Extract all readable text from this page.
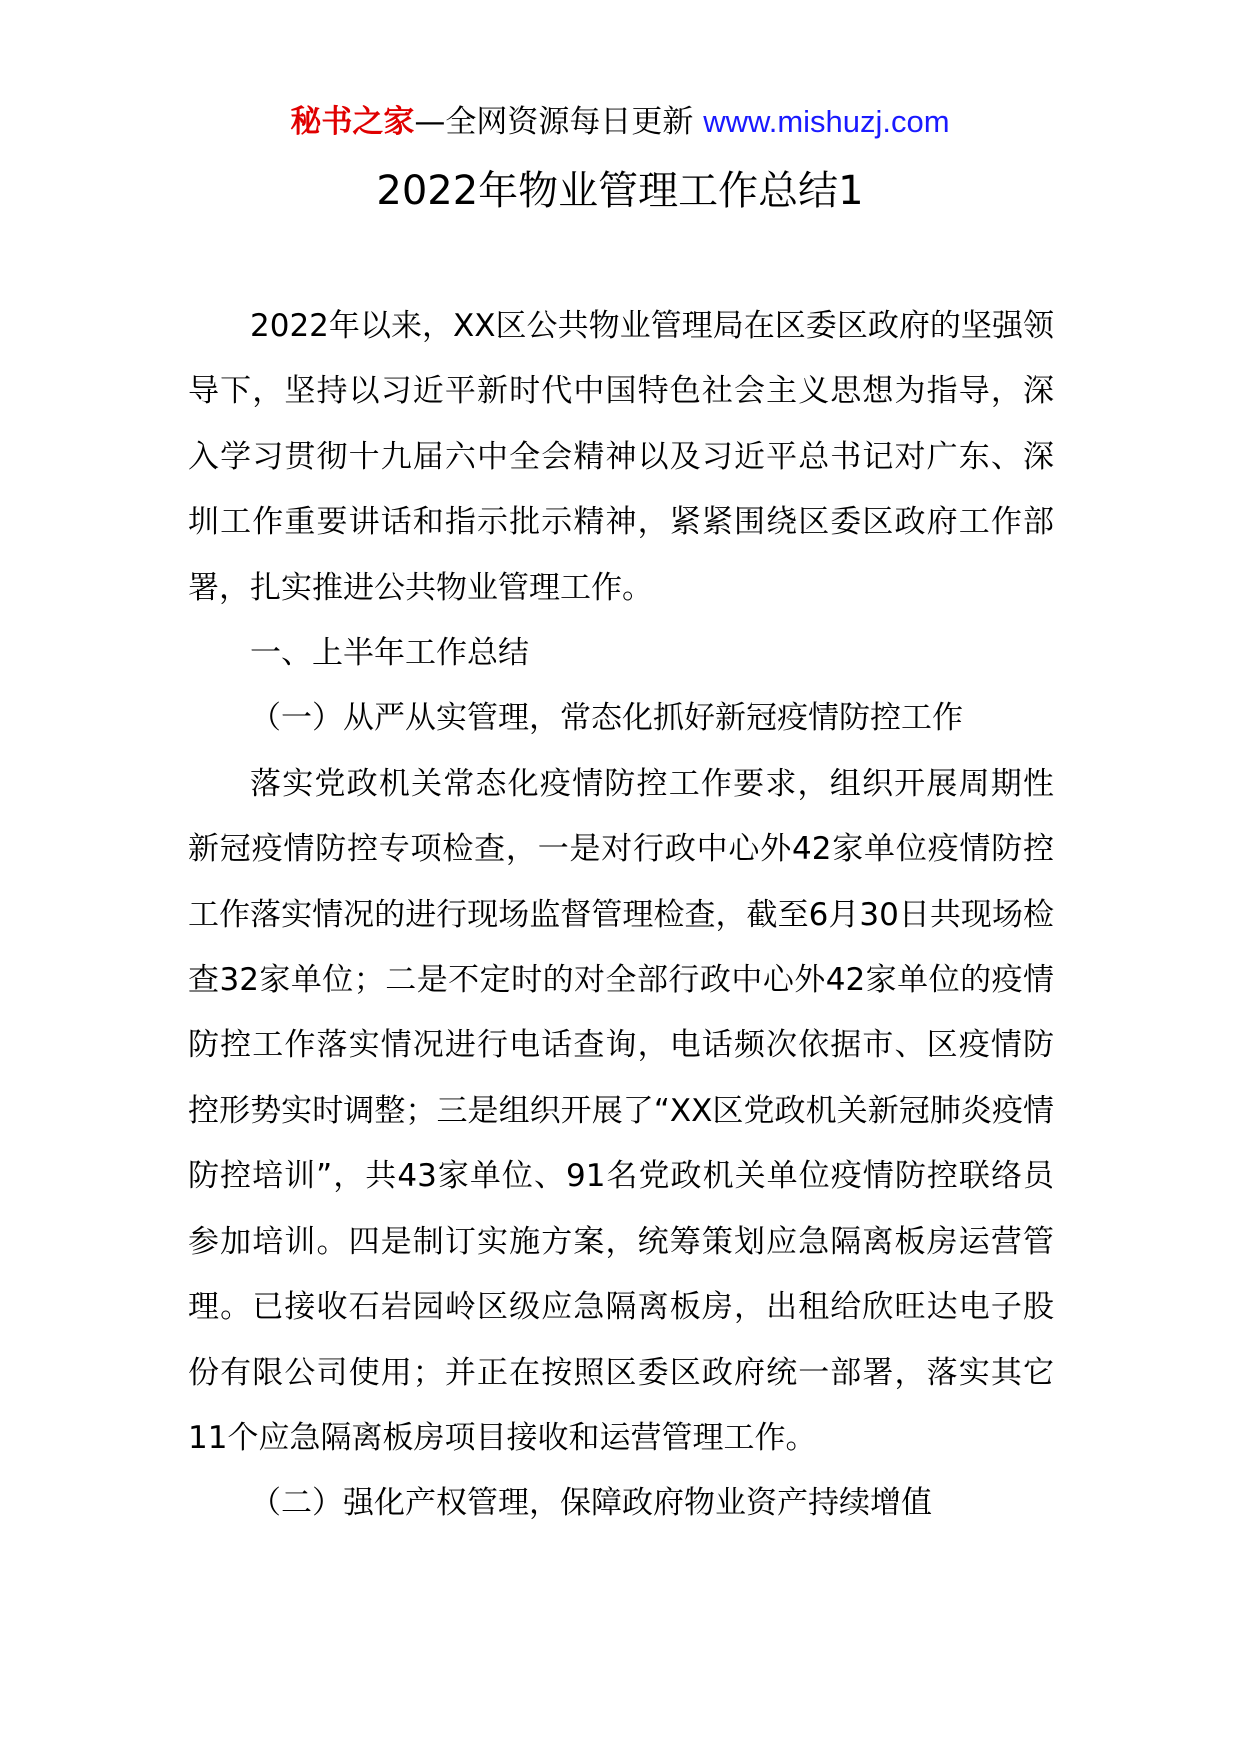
秘书之家—全网资源每日更新 www.mishuzj.com
2022年物业管理工作总结1

2022年以来，XX区公共物业管理局在区委区政府的坚强领导下，坚持以习近平新时代中国特色社会主义思想为指导，深入学习贯彻十九届六中全会精神以及习近平总书记对广东、深圳工作重要讲话和指示批示精神，紧紧围绕区委区政府工作部署，扎实推进公共物业管理工作。

一、上半年工作总结

（一）从严从实管理，常态化抓好新冠疫情防控工作

落实党政机关常态化疫情防控工作要求，组织开展周期性新冠疫情防控专项检查，一是对行政中心外42家单位疫情防控工作落实情况的进行现场监督管理检查，截至6月30日共现场检查32家单位；二是不定时的对全部行政中心外42家单位的疫情防控工作落实情况进行电话查询，电话频次依据市、区疫情防控形势实时调整；三是组织开展了“XX区党政机关新冠肺炎疫情防控培训”，共43家单位、91名党政机关单位疫情防控联络员参加培训。四是制订实施方案，统筹策划应急隔离板房运营管理。已接收石岩园岭区级应急隔离板房，出租给欣旺达电子股份有限公司使用；并正在按照区委区政府统一部署，落实其它11个应急隔离板房项目接收和运营管理工作。

（二）强化产权管理，保障政府物业资产持续增值
